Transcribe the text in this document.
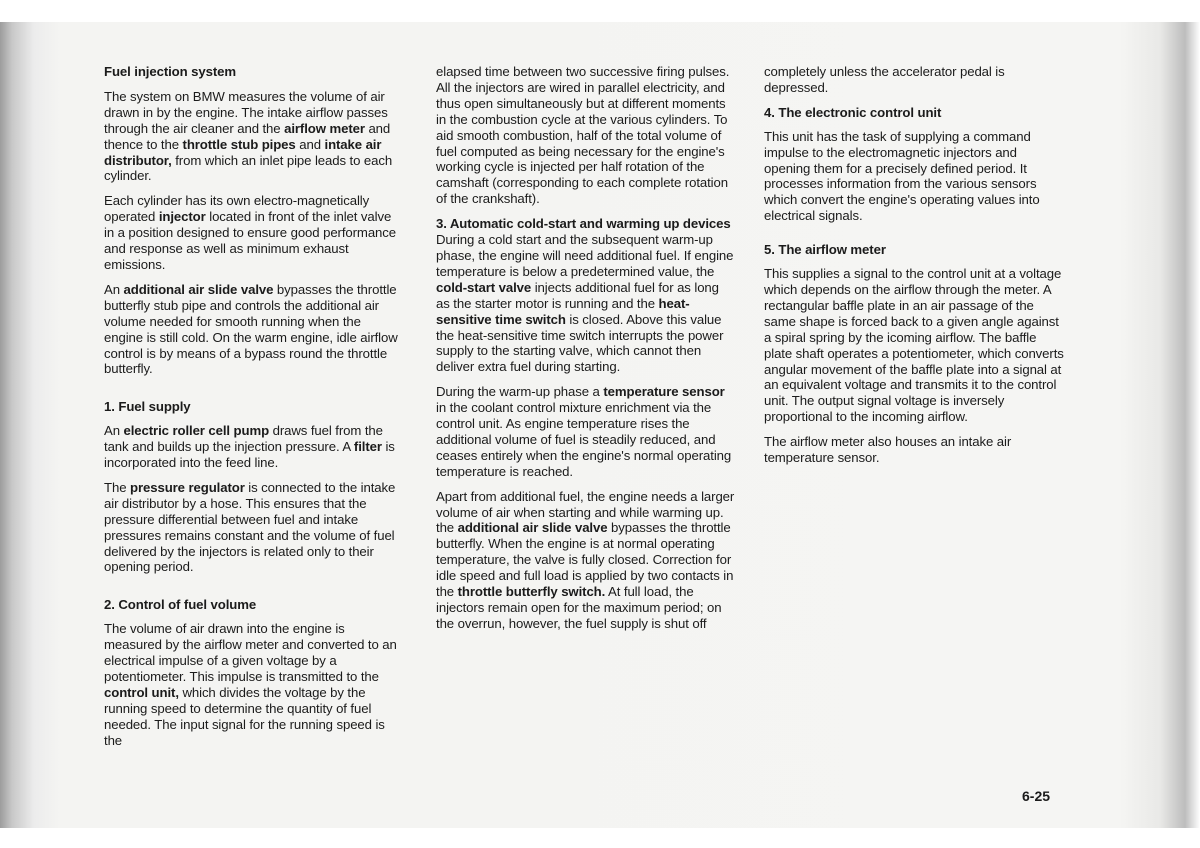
Fuel injection system

The system on BMW measures the volume of air drawn in by the engine. The intake airflow passes through the air cleaner and the airflow meter and thence to the throttle stub pipes and intake air distributor, from which an inlet pipe leads to each cylinder.

Each cylinder has its own electro-magnetically operated injector located in front of the inlet valve in a position designed to ensure good performance and response as well as minimum exhaust emissions.

An additional air slide valve bypasses the throttle butterfly stub pipe and controls the additional air volume needed for smooth running when the engine is still cold. On the warm engine, idle airflow control is by means of a bypass round the throttle butterfly.

1. Fuel supply

An electric roller cell pump draws fuel from the tank and builds up the injection pressure. A filter is incorporated into the feed line.

The pressure regulator is connected to the intake air distributor by a hose. This ensures that the pressure differential between fuel and intake pressures remains constant and the volume of fuel delivered by the injectors is related only to their opening period.

2. Control of fuel volume

The volume of air drawn into the engine is measured by the airflow meter and converted to an electrical impulse of a given voltage by a potentiometer. This impulse is transmitted to the control unit, which divides the voltage by the running speed to determine the quantity of fuel needed. The input signal for the running speed is the

elapsed time between two successive firing pulses. All the injectors are wired in parallel electricity, and thus open simultaneously but at different moments in the combustion cycle at the various cylinders. To aid smooth combustion, half of the total volume of fuel computed as being necessary for the engine's working cycle is injected per half rotation of the camshaft (corresponding to each complete rotation of the crankshaft).

3. Automatic cold-start and warming up devices

During a cold start and the subsequent warm-up phase, the engine will need additional fuel. If engine temperature is below a predetermined value, the cold-start valve injects additional fuel for as long as the starter motor is running and the heat-sensitive time switch is closed. Above this value the heat-sensitive time switch interrupts the power supply to the starting valve, which cannot then deliver extra fuel during starting.

During the warm-up phase a temperature sensor in the coolant control mixture enrichment via the control unit. As engine temperature rises the additional volume of fuel is steadily reduced, and ceases entirely when the engine's normal operating temperature is reached.

Apart from additional fuel, the engine needs a larger volume of air when starting and while warming up. the additional air slide valve bypasses the throttle butterfly. When the engine is at normal operating temperature, the valve is fully closed. Correction for idle speed and full load is applied by two contacts in the throttle butterfly switch. At full load, the injectors remain open for the maximum period; on the overrun, however, the fuel supply is shut off

completely unless the accelerator pedal is depressed.

4. The electronic control unit

This unit has the task of supplying a command impulse to the electromagnetic injectors and opening them for a precisely defined period. It processes information from the various sensors which convert the engine's operating values into electrical signals.

5. The airflow meter

This supplies a signal to the control unit at a voltage which depends on the airflow through the meter. A rectangular baffle plate in an air passage of the same shape is forced back to a given angle against a spiral spring by the icoming airflow. The baffle plate shaft operates a potentiometer, which converts angular movement of the baffle plate into a signal at an equivalent voltage and transmits it to the control unit. The output signal voltage is inversely proportional to the incoming airflow.

The airflow meter also houses an intake air temperature sensor.

6-25
